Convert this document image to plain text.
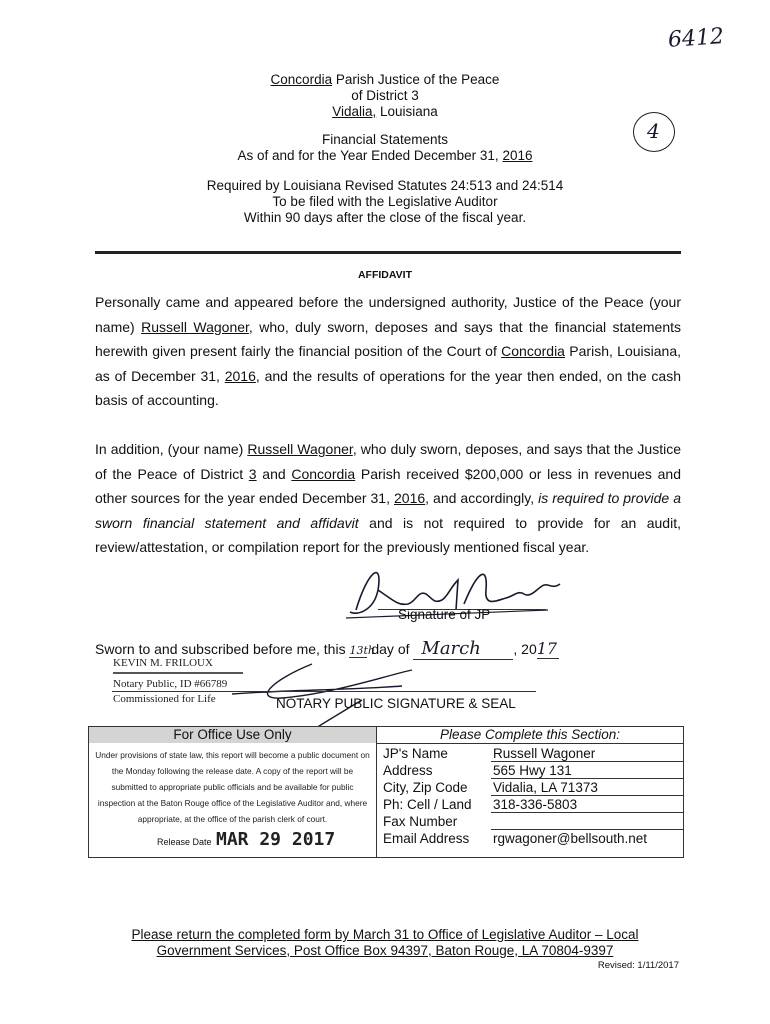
6412
4
Concordia Parish Justice of the Peace
of District 3
Vidalia, Louisiana
Financial Statements
As of and for the Year Ended December 31, 2016
Required by Louisiana Revised Statutes 24:513 and 24:514
To be filed with the Legislative Auditor
Within 90 days after the close of the fiscal year.
AFFIDAVIT
Personally came and appeared before the undersigned authority, Justice of the Peace (your name) Russell Wagoner, who, duly sworn, deposes and says that the financial statements herewith given present fairly the financial position of the Court of Concordia Parish, Louisiana, as of December 31, 2016, and the results of operations for the year then ended, on the cash basis of accounting.
In addition, (your name) Russell Wagoner, who duly sworn, deposes, and says that the Justice of the Peace of District 3 and Concordia Parish received $200,000 or less in revenues and other sources for the year ended December 31, 2016, and accordingly, is required to provide a sworn financial statement and affidavit and is not required to provide for an audit, review/attestation, or compilation report for the previously mentioned fiscal year.
Signature of JP
Sworn to and subscribed before me, this 13th day of March , 2017
KEVIN M. FRILOUX
Notary Public, ID #66789
Commissioned for Life	NOTARY PUBLIC SIGNATURE & SEAL
For Office Use Only
Under provisions of state law, this report will become a public document on the Monday following the release date. A copy of the report will be submitted to appropriate public officials and be available for public inspection at the Baton Rouge office of the Legislative Auditor and, where appropriate, at the office of the parish clerk of court.
Release Date MAR 29 2017
Please Complete this Section:
JP's Name	Russell Wagoner
Address	565 Hwy 131
City, Zip Code Vidalia, LA 71373
Ph: Cell / Land 318-336-5803
Fax Number
Email Address rgwagoner@bellsouth.net
Please return the completed form by March 31 to Office of Legislative Auditor – Local
Government Services, Post Office Box 94397, Baton Rouge, LA 70804-9397
Revised: 1/11/2017
